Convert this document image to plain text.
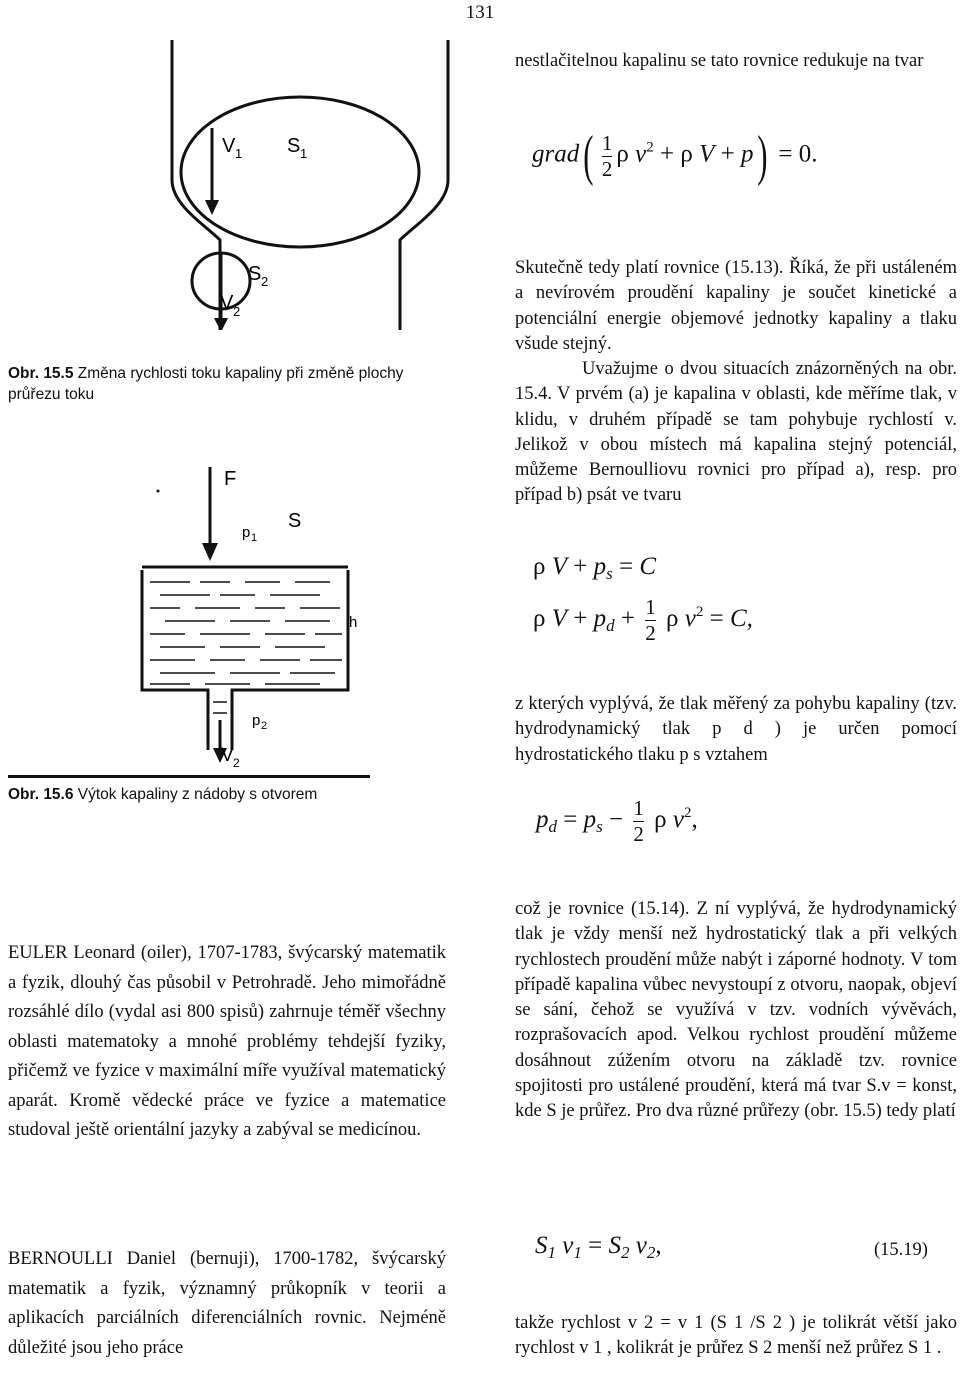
131
nestlačitelnou kapalinu se tato rovnice redukuje na tvar
grad( $\frac{1}{2}$ ρ $v^2 + \rho$ V + p) = 0.
Skutečně tedy platí rovnice (15.13). Říká, že při ustáleném a nevírovém proudění kapaliny je součet kinetické a potenciální energie objemové jednotky kapaliny a tlaku všude stejný.
Uvažujme o dvou situacích znázorněných na obr. 15.4. V prvém (a) je kapalina v oblasti, kde měříme tlak, v klidu, v druhém případě se tam pohybuje rychlostí v. Jelikož v obou místech má kapalina stejný potenciál, můžeme Bernoulliovu rovnici pro případ a), resp. pro případ b) psát ve tvaru
ρ $V + p_s = C$
ρ $V + p_d + \frac{1}{2}$ ρ $v^2 = C$,
z kterých vyplývá, že tlak měřený za pohybu kapaliny (tzv. hydrodynamický tlak p d ) je určen pomocí hydrostatického tlaku p s vztahem
$p_d = p_s - \frac{1}{2}$ ρ $v^2$,
což je rovnice (15.14). Z ní vyplývá, že hydrodynamický tlak je vždy menší než hydrostatický tlak a při velkých rychlostech proudění může nabýt i záporné hodnoty. V tom případě kapalina vůbec nevystoupí z otvoru, naopak, objeví se sání, čehož se využívá v tzv. vodních vývěvách, rozprašovacích apod. Velkou rychlost proudění můžeme dosáhnout zúžením otvoru na základě tzv. rovnice spojitosti pro ustálené proudění, která má tvar S.v = konst, kde S je průřez. Pro dva různé průřezy (obr. 15.5) tedy platí
$S_1$ $v_1 = S_2$ $v_2$,	(15.19)
takže rychlost v 2 = v 1 (S 1 /S 2 ) je tolikrát větší jako rychlost v 1 , kolikrát je průřez S 2 menší než průřez S 1 .
V 1 S 1
S 2
V 2
Obr. 15.5 Změna rychlosti toku kapaliny při změně plochy průřezu toku
F
S
p 1
h
p 2
V 2
Obr. 15.6 Výtok kapaliny z nádoby s otvorem
EULER Leonard (oiler), 1707-1783, švýcarský matematik a fyzik, dlouhý čas působil v Petrohradě. Jeho mimořádně rozsáhlé dílo (vydal asi 800 spisů) zahrnuje téměř všechny oblasti matematoky a mnohé problémy tehdejší fyziky, přičemž ve fyzice v maximální míře využíval matematický aparát. Kromě vědecké práce ve fyzice a matematice studoval ještě orientální jazyky a zabýval se medicínou.
BERNOULLI Daniel (bernuji), 1700-1782, švýcarský matematik a fyzik, významný průkopník v teorii a aplikacích parciálních diferenciálních rovnic. Nejméně důležité jsou jeho práce
